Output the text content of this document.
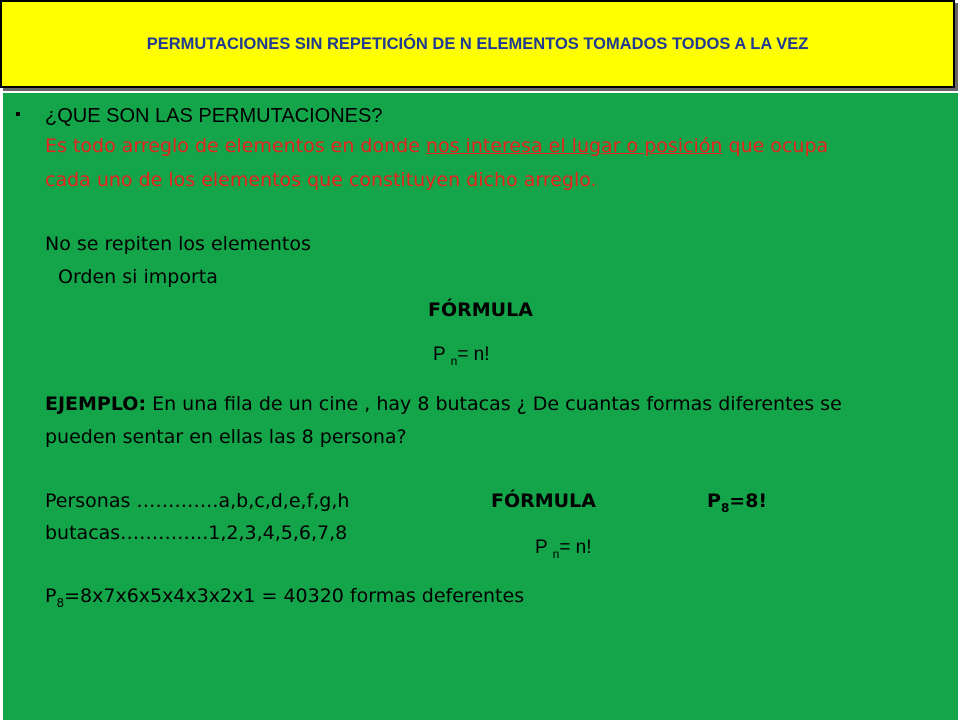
PERMUTACIONES SIN REPETICIÓN DE N ELEMENTOS TOMADOS TODOS A LA VEZ
▪ ¿QUE SON LAS PERMUTACIONES?
Es todo arreglo de elementos en donde nos interesa el lugar o posición que ocupa
cada uno de los elementos que constituyen dicho arreglo.
No se repiten los elementos
Orden si importa
FÓRMULA
P $_n$= n!
EJEMPLO: En una fila de un cine , hay 8 butacas ¿ De cuantas formas diferentes se
pueden sentar en ellas las 8 persona?
Personas ………….a,b,c,d,e,f,g,h
butacas…………..1,2,3,4,5,6,7,8
FÓRMULA	$P_8=8$!
P $_n$= n!
$P_8=8x7x6x5x4x3x2x1 = 40320$ formas deferentes
